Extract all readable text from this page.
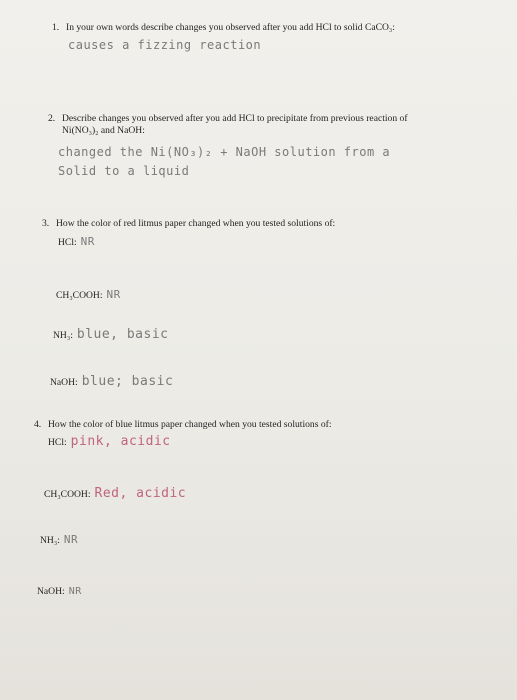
1. In your own words describe changes you observed after you add HCl to solid CaCO₃:
causes a fizzing reaction
2. Describe changes you observed after you add HCl to precipitate from previous reaction of
Ni(NO₃)₂ and NaOH:
changed the Ni(NO₃)₂ + NaOH solution from a
Solid to a liquid
3. How the color of red litmus paper changed when you tested solutions of:
HCl: NR
CH₃COOH: NR
NH₃: blue, basic
NaOH: blue; basic
4. How the color of blue litmus paper changed when you tested solutions of:
HCl: pink, acidic
CH₃COOH: Red, acidic
NH₃: NR
NaOH: NR
